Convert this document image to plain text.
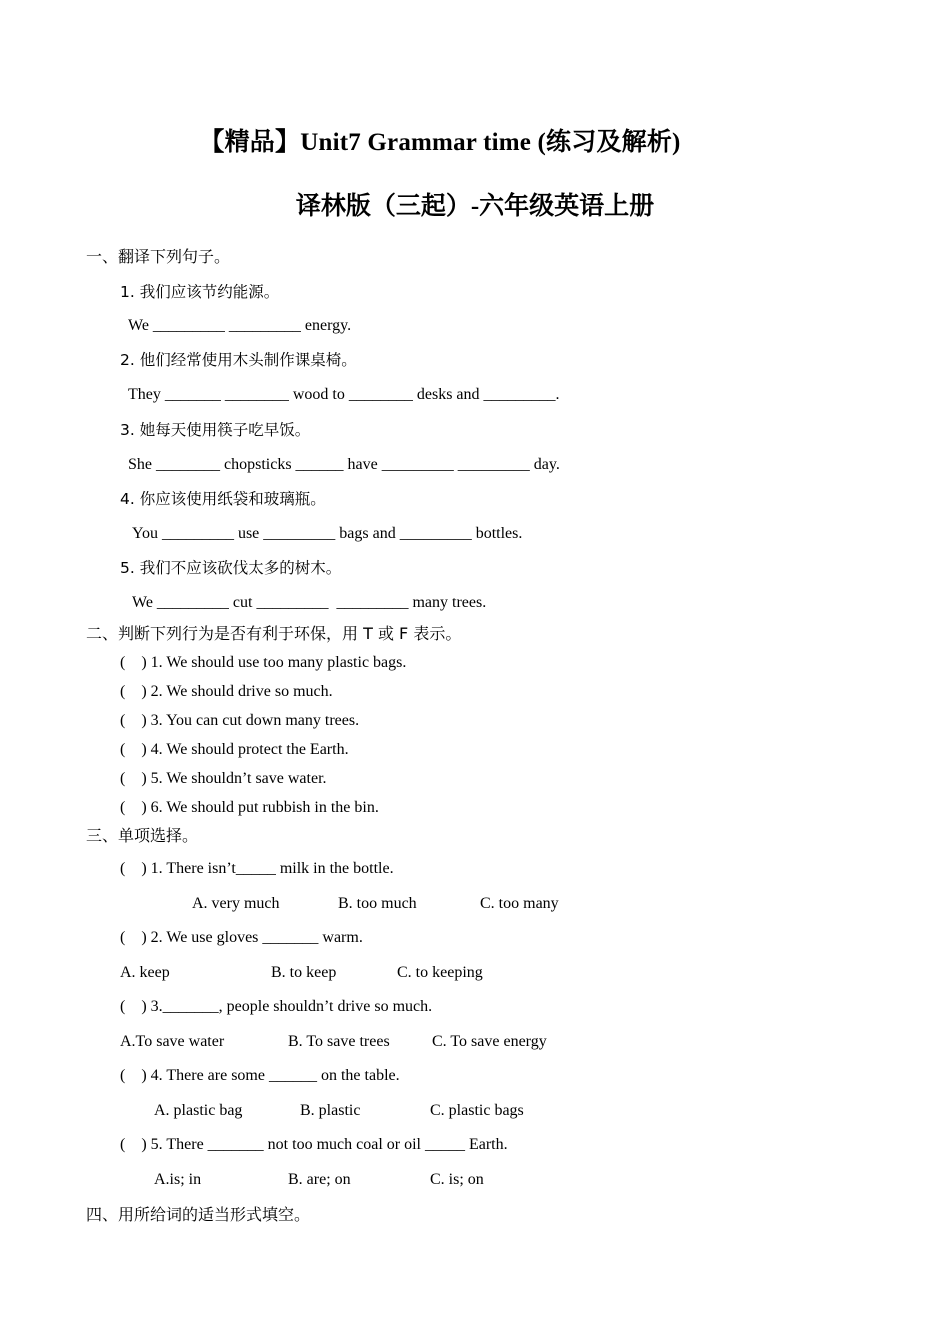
【精品】Unit7 Grammar time (练习及解析)
译林版（三起）-六年级英语上册
一、翻译下列句子。
1. 我们应该节约能源。
We _________ _________ energy.
2. 他们经常使用木头制作课桌椅。
They _______ ________ wood to ________ desks and _________.
3. 她每天使用筷子吃早饭。
She ________ chopsticks ______ have _________ _________ day.
4. 你应该使用纸袋和玻璃瓶。
You _________ use _________ bags and _________ bottles.
5. 我们不应该砍伐太多的树木。
We _________ cut _________  _________ many trees.
二、判断下列行为是否有利于环保，用 T 或 F 表示。
(    ) 1. We should use too many plastic bags.
(    ) 2. We should drive so much.
(    ) 3. You can cut down many trees.
(    ) 4. We should protect the Earth.
(    ) 5. We shouldn’t save water.
(    ) 6. We should put rubbish in the bin.
三、单项选择。
(    ) 1. There isn’t_____ milk in the bottle.
A. very much	B. too much	C. too many
(    ) 2. We use gloves _______ warm.
A. keep	B. to keep	C. to keeping
(    ) 3._______, people shouldn’t drive so much.
A.To save water	B. To save trees	C. To save energy
(    ) 4. There are some ______ on the table.
A. plastic bag	B. plastic	C. plastic bags
(    ) 5. There _______ not too much coal or oil _____ Earth.
A.is; in	B. are; on	C. is; on
四、用所给词的适当形式填空。
